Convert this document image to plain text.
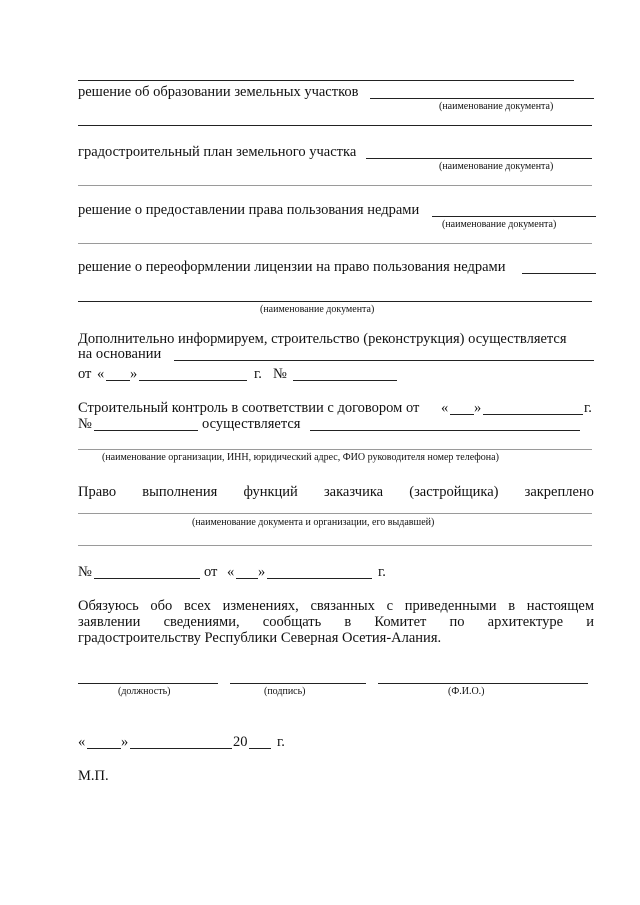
решение об образовании земельных участков
(наименование документа)
градостроительный план земельного участка
(наименование документа)
решение о предоставлении права пользования недрами
(наименование документа)
решение о переоформлении лицензии на право пользования недрами
(наименование документа)
Дополнительно информируем, строительство (реконструкция) осуществляется
на основании
от « »	г. №
Строительный контроль в соответствии с договором от « »	г.
№	осуществляется
(наименование организации, ИНН, юридический адрес, ФИО руководителя номер телефона)
Право выполнения функций заказчика (застройщика) закреплено
(наименование документа и организации, его выдавшей)
№	от « »	г.
Обязуюсь обо всех изменениях, связанных с приведенными в настоящем
заявлении сведениями, сообщать в Комитет по архитектуре и
градостроительству Республики Северная Осетия-Алания.
(должность)	(подпись)	(Ф.И.О.)
« »	20 г.
М.П.
